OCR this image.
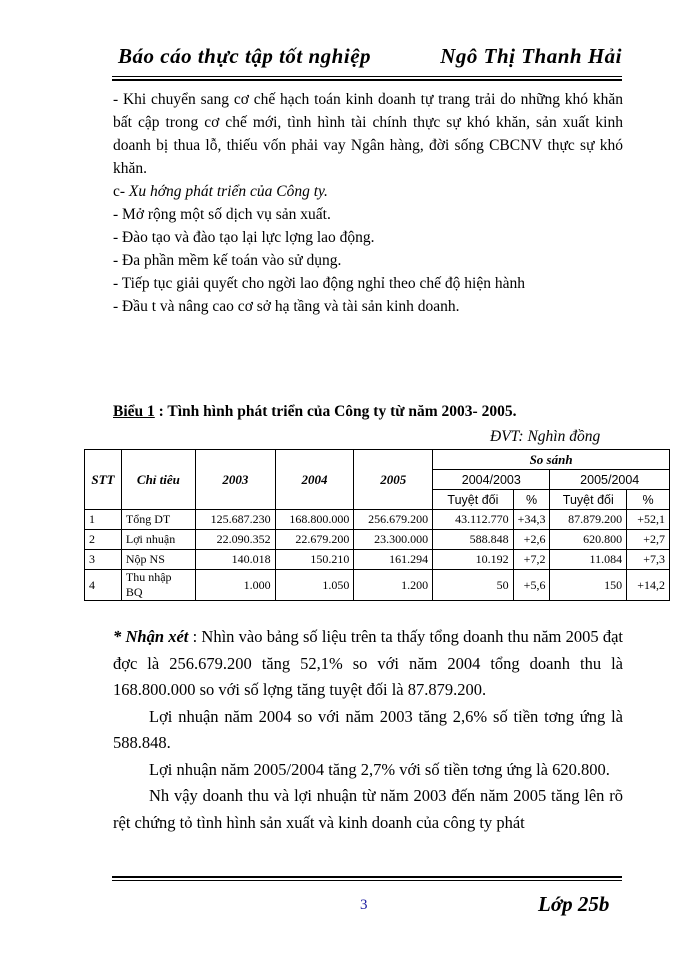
Báo cáo thực tập tốt nghiệp	Ngô Thị Thanh Hải

- Khi chuyển sang cơ chế hạch toán kinh doanh tự trang trải do những khó khăn bất cập trong cơ chế mới, tình hình tài chính thực sự khó khăn, sản xuất kinh doanh bị thua lỗ, thiếu vốn phải vay Ngân hàng, đời sống CBCNV thực sự khó khăn.

c- Xu hớng phát triển của Công ty.

- Mở rộng một số dịch vụ sản xuất.

- Đào tạo và đào tạo lại lực lợng lao động.

- Đa phần mềm kế toán vào sử dụng.

- Tiếp tục giải quyết cho ngời lao động nghỉ theo chế độ hiện hành

- Đầu t và nâng cao cơ sở hạ tầng và tài sản kinh doanh.

Biểu 1 : Tình hình phát triển của Công ty từ năm 2003- 2005.
ĐVT: Nghìn đồng
STT	Chỉ tiêu	2003	2004	2005	So sánh			
					2004/2003		2005/2004	
					Tuyệt đối	%	Tuyệt đối	%
1	Tổng DT	125.687.230	168.800.000	256.679.200	43.112.770	+34,3	87.879.200	+52,1
2	Lợi nhuận	22.090.352	22.679.200	23.300.000	588.848	+2,6	620.800	+2,7
3	Nộp NS	140.018	150.210	161.294	10.192	+7,2	11.084	+7,3
4	Thu nhập BQ	1.000	1.050	1.200	50	+5,6	150	+14,2

* Nhận xét : Nhìn vào bảng số liệu trên ta thấy tổng doanh thu năm 2005 đạt đợc là 256.679.200 tăng 52,1% so với năm 2004 tổng doanh thu là 168.800.000 so với số lợng tăng tuyệt đối là 87.879.200.

Lợi nhuận năm 2004 so với năm 2003 tăng 2,6% số tiền tơng ứng là 588.848.

Lợi nhuận năm 2005/2004 tăng 2,7% với số tiền tơng ứng là 620.800.

Nh vậy doanh thu và lợi nhuận từ năm 2003 đến năm 2005 tăng lên rõ rệt chứng tỏ tình hình sản xuất và kinh doanh của công ty phát

3	Lớp 25b
